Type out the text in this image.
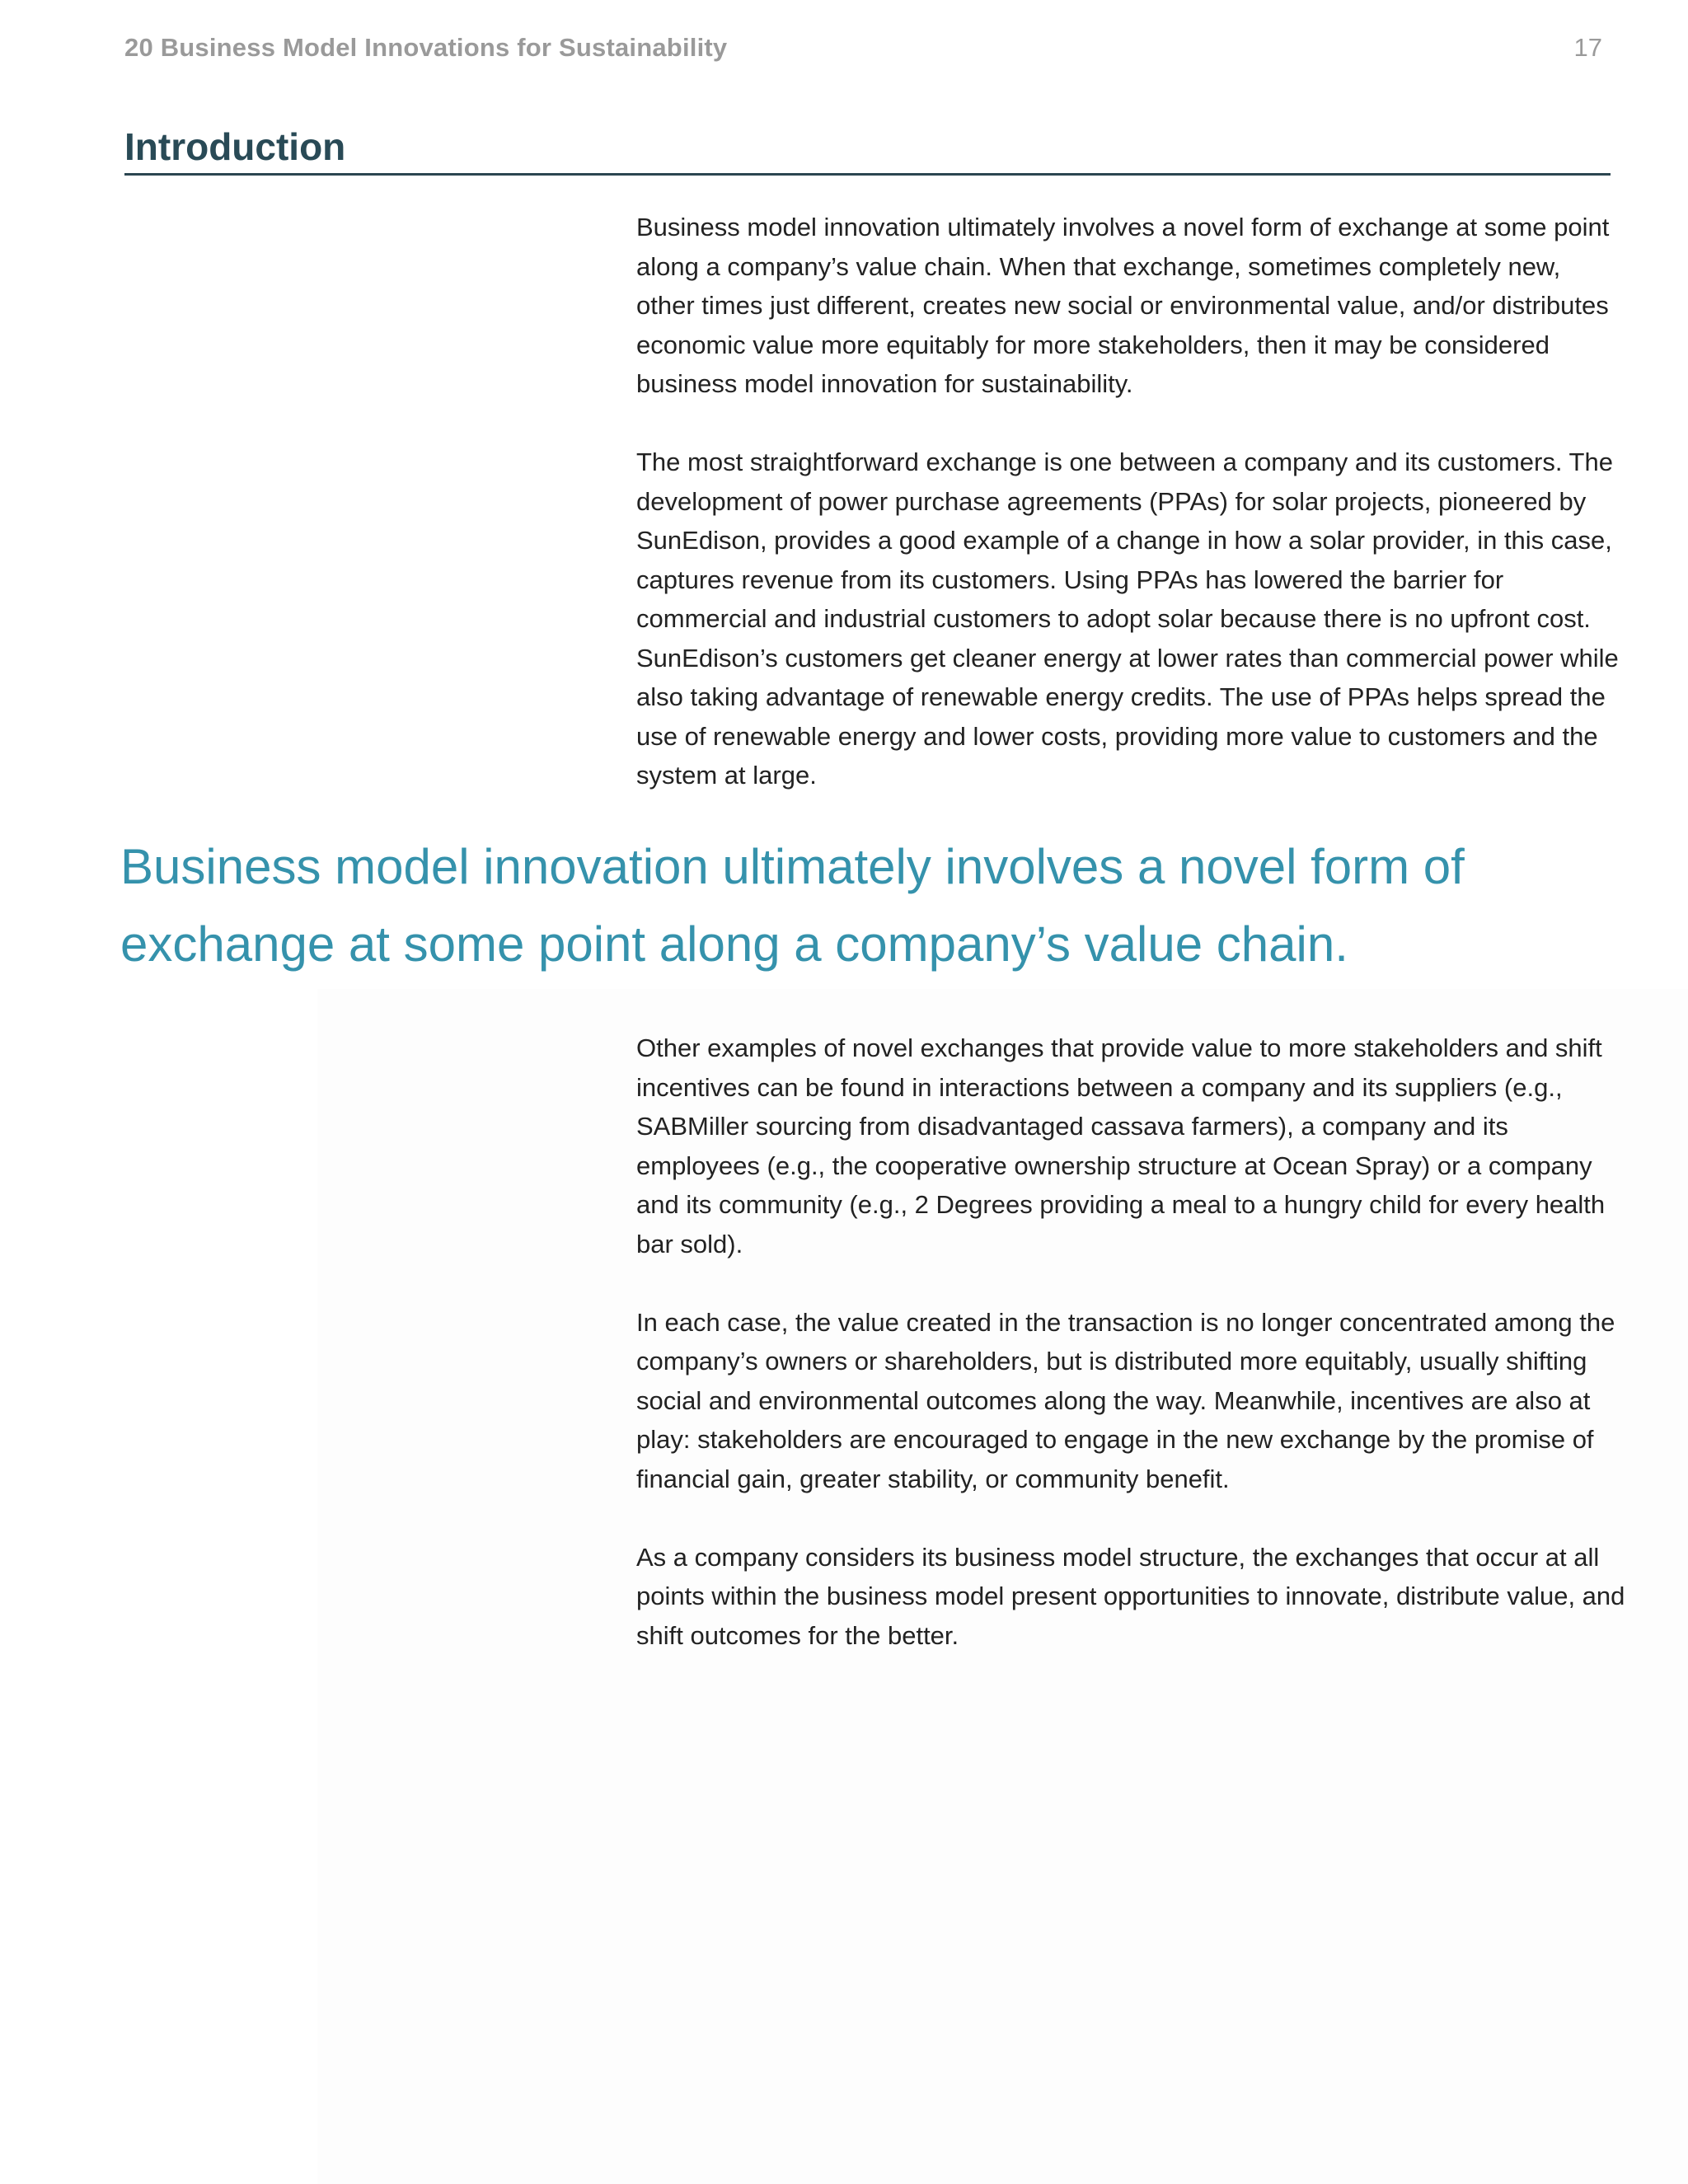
20 Business Model Innovations for Sustainability	17
Introduction

Business model innovation ultimately involves a novel form of exchange at some point along a company’s value chain. When that exchange, sometimes completely new, other times just different, creates new social or environmental value, and/or distributes economic value more equitably for more stakeholders, then it may be considered business model innovation for sustainability.

The most straightforward exchange is one between a company and its customers. The development of power purchase agreements (PPAs) for solar projects, pioneered by SunEdison, provides a good example of a change in how a solar provider, in this case, captures revenue from its customers. Using PPAs has lowered the barrier for commercial and industrial customers to adopt solar because there is no upfront cost. SunEdison’s customers get cleaner energy at lower rates than commercial power while also taking advantage of renewable energy credits. The use of PPAs helps spread the use of renewable energy and lower costs, providing more value to customers and the system at large.

Business model innovation ultimately involves a novel form of exchange at some point along a company’s value chain.

Other examples of novel exchanges that provide value to more stakeholders and shift incentives can be found in interactions between a company and its suppliers (e.g., SABMiller sourcing from disadvantaged cassava farmers), a company and its employees (e.g., the cooperative ownership structure at Ocean Spray) or a company and its community (e.g., 2 Degrees providing a meal to a hungry child for every health bar sold).

In each case, the value created in the transaction is no longer concentrated among the company’s owners or shareholders, but is distributed more equitably, usually shifting social and environmental outcomes along the way. Meanwhile, incentives are also at play: stakeholders are encouraged to engage in the new exchange by the promise of financial gain, greater stability, or community benefit.

As a company considers its business model structure, the exchanges that occur at all points within the business model present opportunities to innovate, distribute value, and shift outcomes for the better.
